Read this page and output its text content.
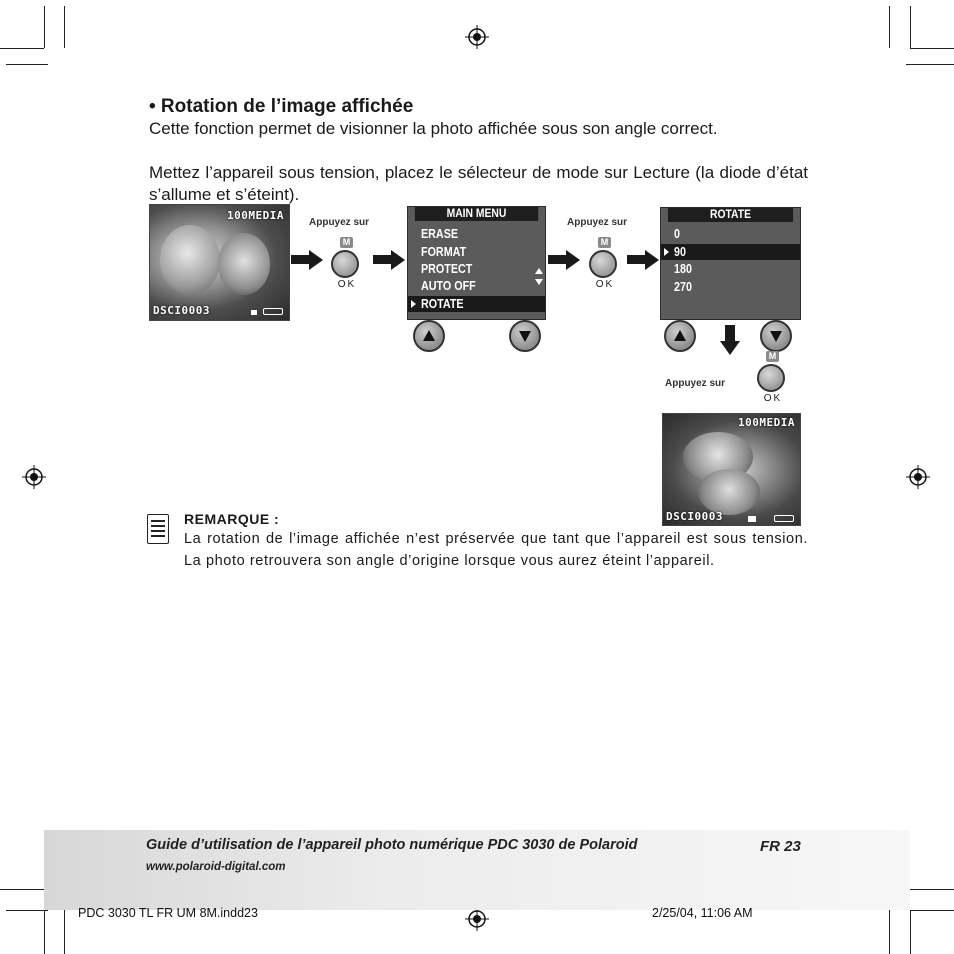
• Rotation de l’image affichée
Cette fonction permet de visionner la photo affichée sous son angle correct.
Mettez l’appareil sous tension, placez le sélecteur de mode sur Lecture (la diode d’état s’allume et s’éteint).
100MEDIA
DSCI0003
Appuyez sur
M
OK
MAIN MENU
ERASE
FORMAT
PROTECT
AUTO OFF
ROTATE
Appuyez sur
M
OK
ROTATE
0
90
180
270
Appuyez sur
M
OK
100MEDIA
DSCI0003
REMARQUE :
La rotation de l’image affichée n’est préservée que tant que l’appareil est sous tension. La photo retrouvera son angle d’origine lorsque vous aurez éteint l’appareil.
Guide d’utilisation de l’appareil photo numérique PDC 3030 de Polaroid	FR 23
www.polaroid-digital.com
PDC 3030 TL FR UM 8M.indd23	2/25/04, 11:06 AM
